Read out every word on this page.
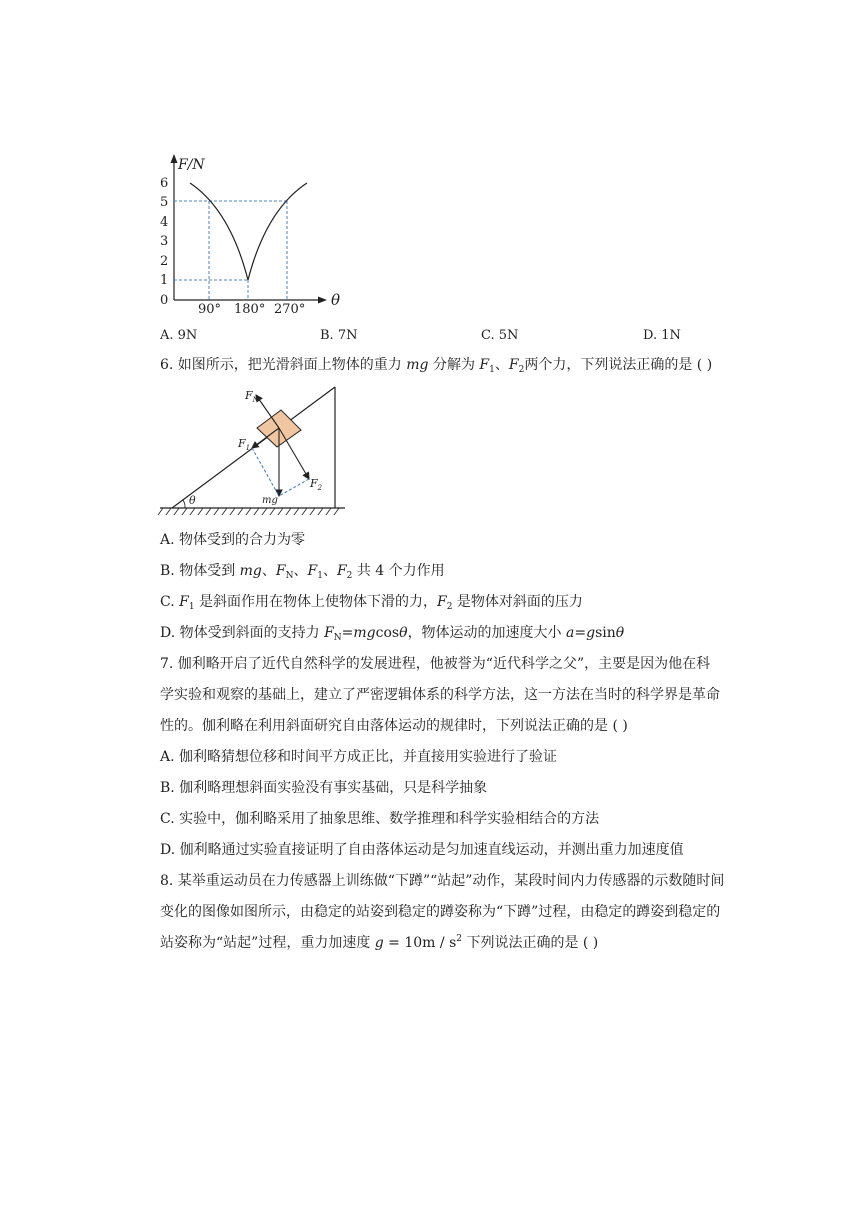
F/N
6
5
4
3
2
1
0
90° 180° 270°
θ
A. 9N	B. 7N	C. 5N	D. 1N
6. 如图所示，把光滑斜面上物体的重力 mg 分解为 $F_1$、$F_2$两个力，下列说法正确的是 ( )
θ
$F_N$
mg
$F_2$
$F_1$
A. 物体受到的合力为零
B. 物体受到 mg、$F_N$、$F_1$、$F_2$ 共 4 个力作用
C. $F_1$ 是斜面作用在物体上使物体下滑的力，$F_2$ 是物体对斜面的压力
D. 物体受到斜面的支持力 $F_N=mgcos\theta$，物体运动的加速度大小 a=gsinθ
7. 伽利略开启了近代自然科学的发展进程，他被誉为“近代科学之父”，主要是因为他在科
学实验和观察的基础上，建立了严密逻辑体系的科学方法，这一方法在当时的科学界是革命
性的。伽利略在利用斜面研究自由落体运动的规律时，下列说法正确的是 ( )
A. 伽利略猜想位移和时间平方成正比，并直接用实验进行了验证
B. 伽利略理想斜面实验没有事实基础，只是科学抽象
C. 实验中，伽利略采用了抽象思维、数学推理和科学实验相结合的方法
D. 伽利略通过实验直接证明了自由落体运动是匀加速直线运动，并测出重力加速度值
8. 某举重运动员在力传感器上训练做“下蹲”“站起”动作，某段时间内力传感器的示数随时间
变化的图像如图所示，由稳定的站姿到稳定的蹲姿称为“下蹲”过程，由稳定的蹲姿到稳定的
站姿称为“站起”过程，重力加速度 $g = 10m / s^2$ 下列说法正确的是 ( )
